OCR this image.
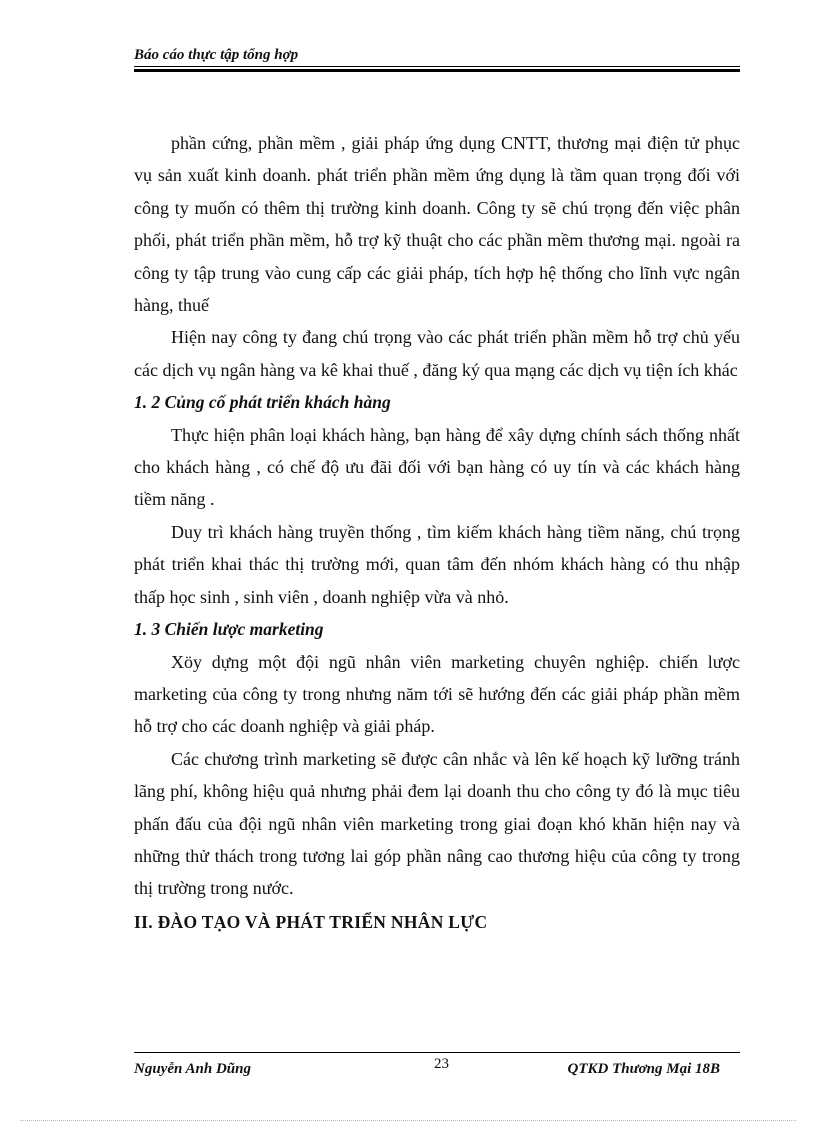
Báo cáo thực tập tổng hợp

phần cứng, phần mềm , giải pháp ứng dụng CNTT, thương mại điện tử phục vụ sản xuất kinh doanh. phát triển phần mềm ứng dụng là tầm quan trọng đối với công ty muốn có thêm thị trường kinh doanh. Công ty sẽ chú trọng đến việc phân phối, phát triển phần mềm, hỗ trợ kỹ thuật cho các phần mềm thương mại. ngoài ra công ty tập trung vào cung cấp các giải pháp, tích hợp hệ thống cho lĩnh vực ngân hàng, thuế

Hiện nay công ty đang chú trọng vào các phát triển phần mềm hỗ trợ chủ yếu các dịch vụ ngân hàng va kê khai thuế , đăng ký qua mạng các dịch vụ tiện ích khác

1. 2 Củng cố phát triển khách hàng

Thực hiện phân loại khách hàng, bạn hàng để xây dựng chính sách thống nhất cho khách hàng , có chế độ ưu đãi đối với bạn hàng có uy tín và các khách hàng tiềm năng .

Duy trì khách hàng truyền thống , tìm kiếm khách hàng tiềm năng, chú trọng phát triển khai thác thị trường mới, quan tâm đến nhóm khách hàng có thu nhập thấp học sinh , sinh viên , doanh nghiệp vừa và nhỏ.

1. 3 Chiến lược marketing

Xöy dựng một đội ngũ nhân viên marketing chuyên nghiệp. chiến lược marketing của công ty trong nhưng năm tới sẽ hướng đến các giải pháp phần mềm hỗ trợ cho các doanh nghiệp và giải pháp.

Các chương trình marketing sẽ được cân nhắc và lên kế hoạch kỹ lưỡng tránh lãng phí, không hiệu quả nhưng phải đem lại doanh thu cho công ty đó là mục tiêu phấn đấu của đội ngũ nhân viên marketing trong giai đoạn khó khăn hiện nay và những thử thách trong tương lai góp phần nâng cao thương hiệu của công ty trong thị trường trong nước.

II. ĐÀO TẠO VÀ PHÁT TRIỂN NHÂN LỰC

Nguyễn Anh Dũng	23	QTKD Thương Mại 18B
